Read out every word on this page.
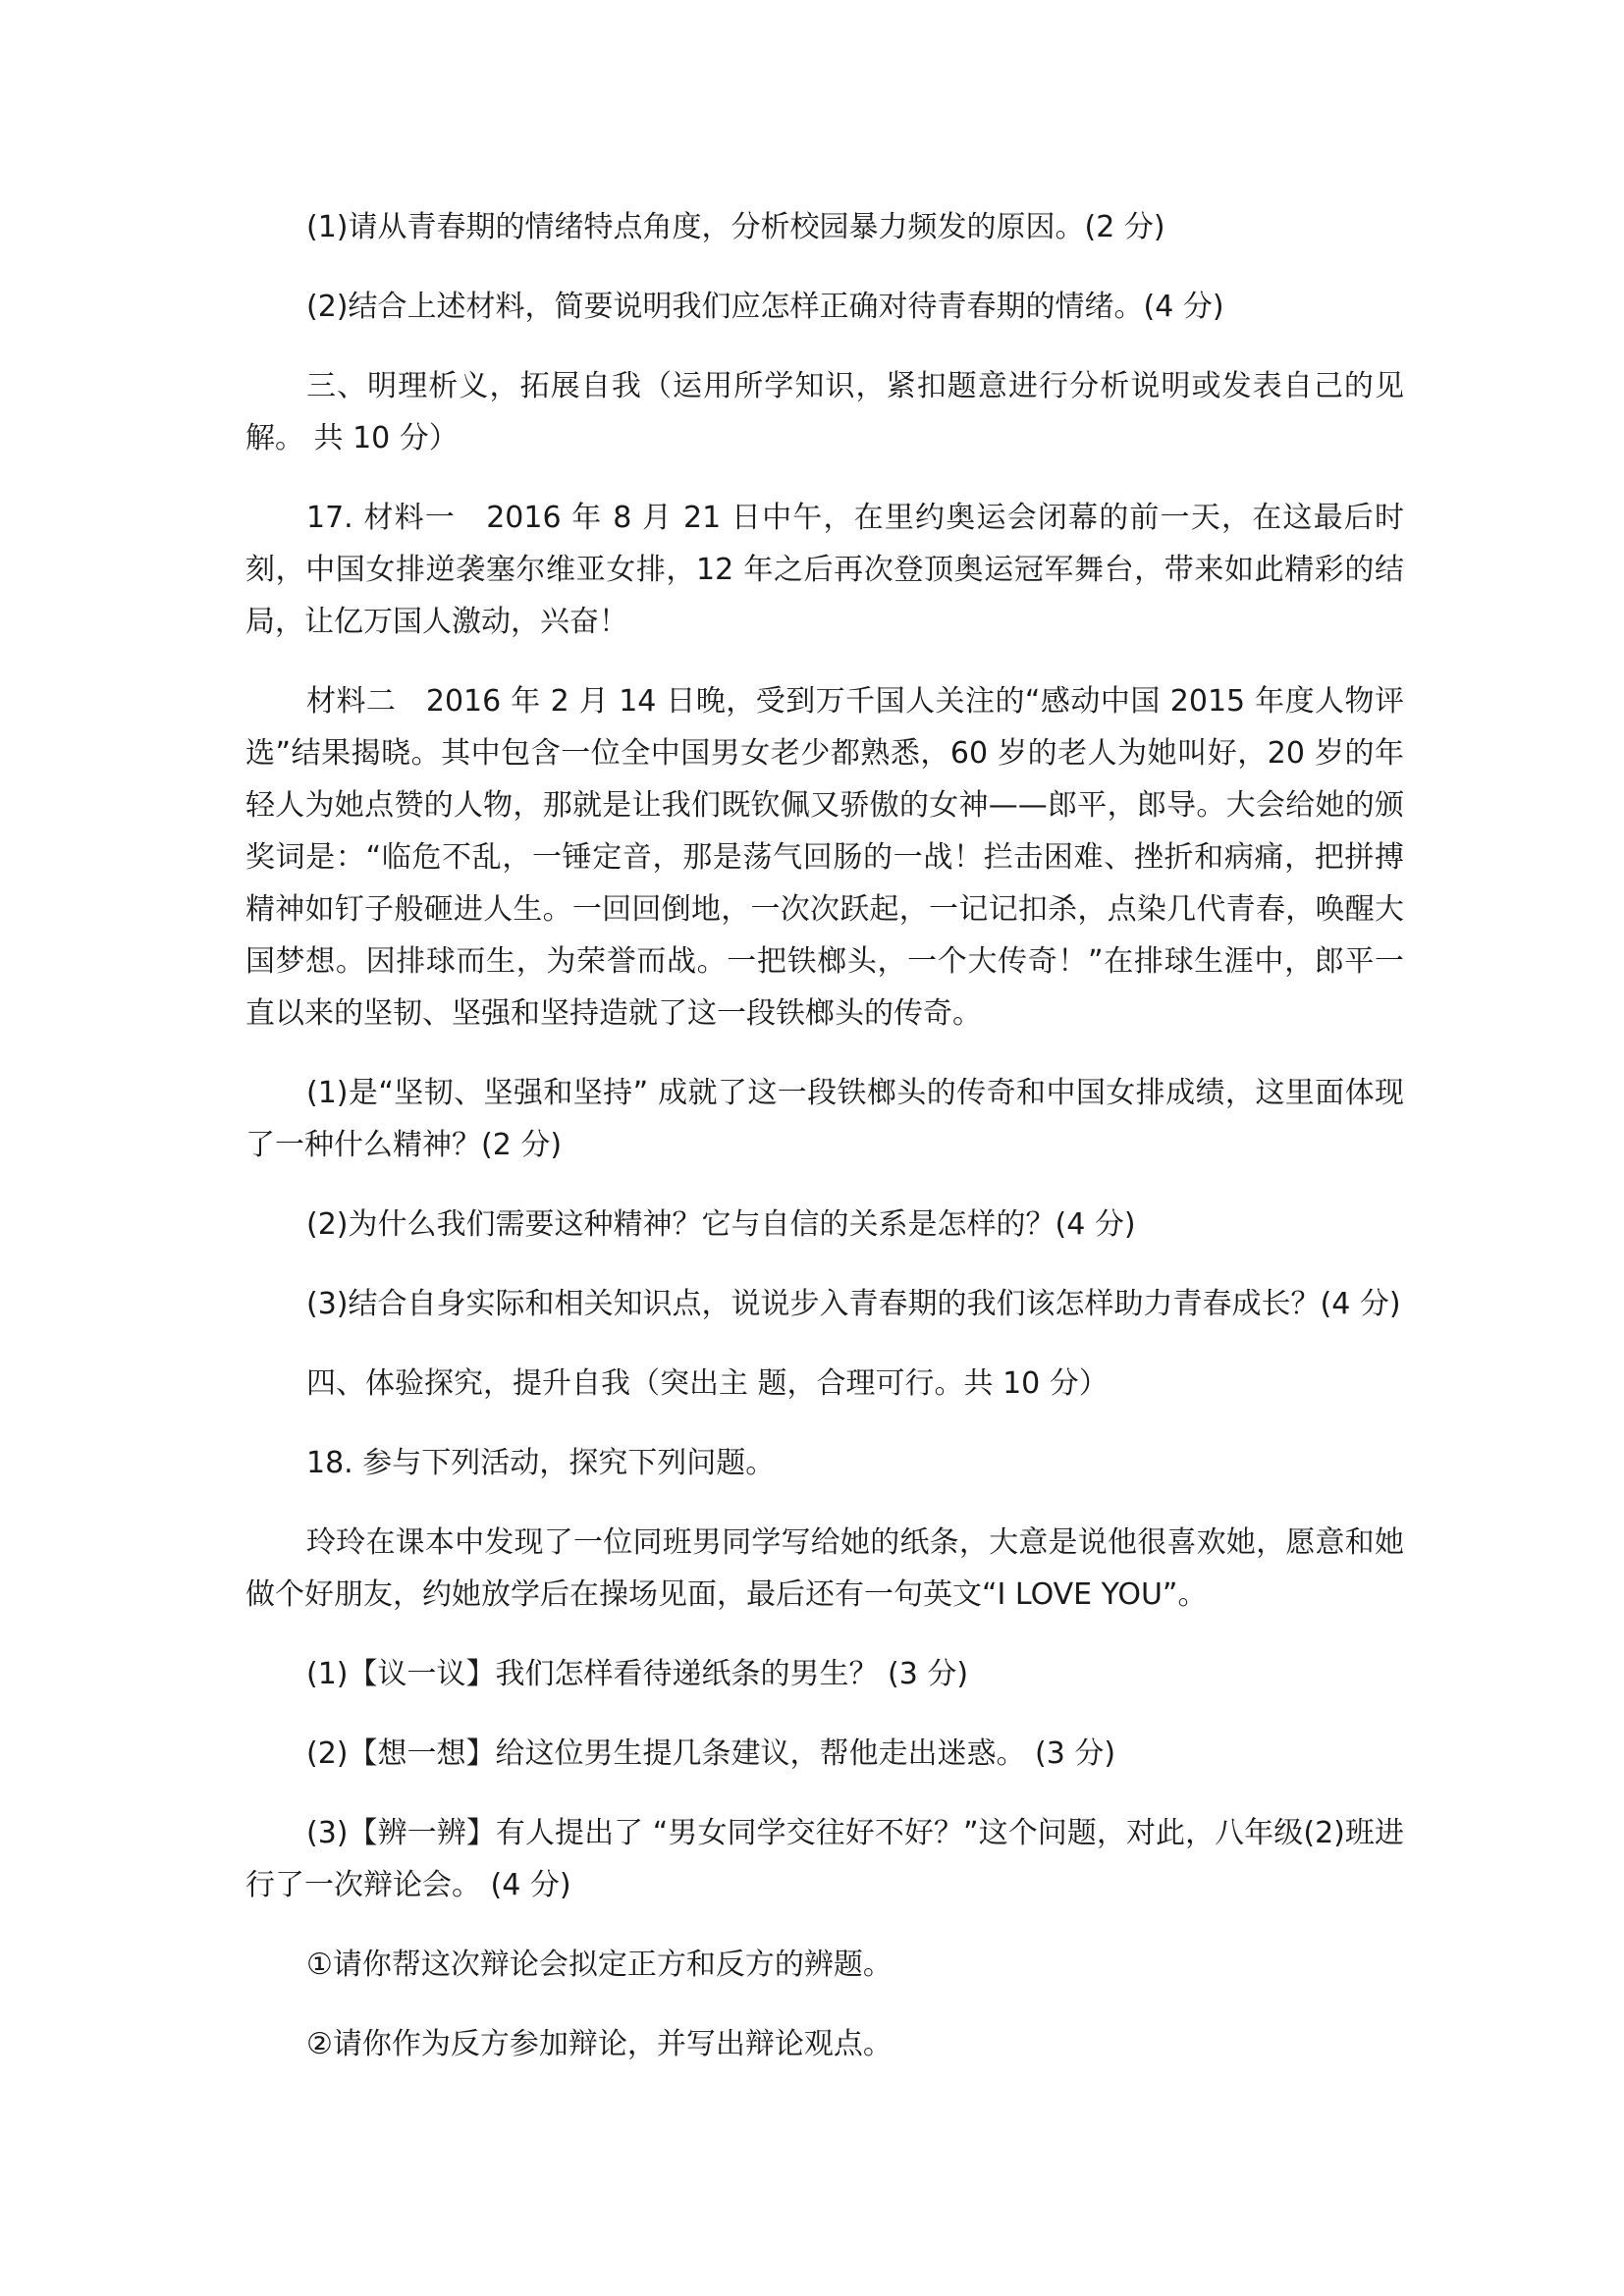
(1)请从青春期的情绪特点角度，分析校园暴力频发的原因。(2 分)

(2)结合上述材料，简要说明我们应怎样正确对待青春期的情绪。(4 分)

三、明理析义，拓展自我（运用所学知识，紧扣题意进行分析说明或发表自己的见解。 共 10 分）

17. 材料一　2016 年 8 月 21 日中午，在里约奥运会闭幕的前一天，在这最后时刻，中国女排逆袭塞尔维亚女排，12 年之后再次登顶奥运冠军舞台，带来如此精彩的结局，让亿万国人激动，兴奋！

材料二　2016 年 2 月 14 日晚，受到万千国人关注的“感动中国 2015 年度人物评选”结果揭晓。其中包含一位全中国男女老少都熟悉，60 岁的老人为她叫好，20 岁的年轻人为她点赞的人物，那就是让我们既钦佩又骄傲的女神——郎平，郎导。大会给她的颁奖词是：“临危不乱，一锤定音，那是荡气回肠的一战！拦击困难、挫折和病痛，把拼搏精神如钉子般砸进人生。一回回倒地，一次次跃起，一记记扣杀，点染几代青春，唤醒大国梦想。因排球而生，为荣誉而战。一把铁榔头，一个大传奇！”在排球生涯中，郎平一直以来的坚韧、坚强和坚持造就了这一段铁榔头的传奇。

(1)是“坚韧、坚强和坚持” 成就了这一段铁榔头的传奇和中国女排成绩，这里面体现了一种什么精神？(2 分)

(2)为什么我们需要这种精神？它与自信的关系是怎样的？(4 分)

(3)结合自身实际和相关知识点，说说步入青春期的我们该怎样助力青春成长？(4 分)

四、体验探究，提升自我（突出主 题，合理可行。共 10 分）

18. 参与下列活动，探究下列问题。

玲玲在课本中发现了一位同班男同学写给她的纸条，大意是说他很喜欢她，愿意和她做个好朋友，约她放学后在操场见面，最后还有一句英文“I LOVE YOU”。

(1)【议一议】我们怎样看待递纸条的男生？ (3 分)

(2)【想一想】给这位男生提几条建议，帮他走出迷惑。 (3 分)

(3)【辨一辨】有人提出了 “男女同学交往好不好？”这个问题，对此，八年级(2)班进行了一次辩论会。 (4 分)

①请你帮这次辩论会拟定正方和反方的辨题。

②请你作为反方参加辩论，并写出辩论观点。
